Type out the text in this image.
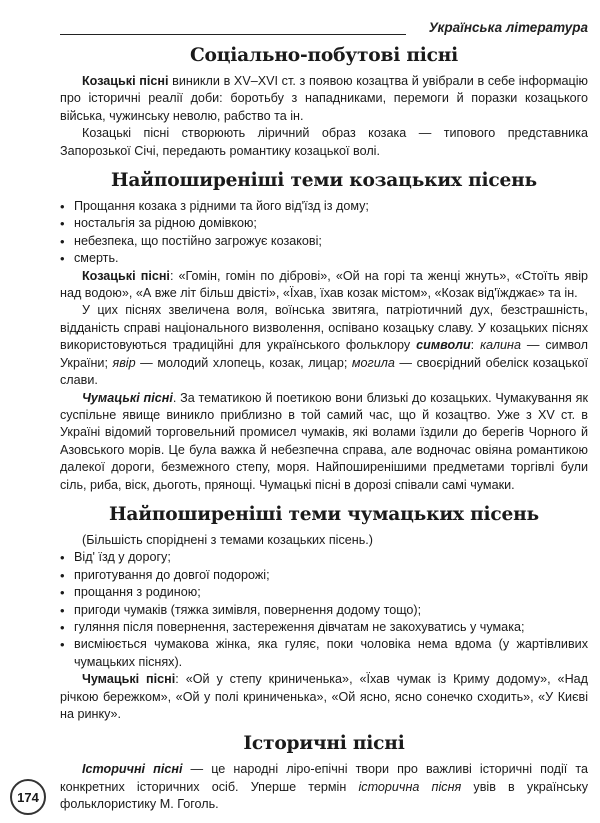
Українська література
Соціально-побутові пісні

Козацькі пісні виникли в XV–XVI ст. з появою козацтва й увібрали в себе інформацію про історичні реалії доби: боротьбу з нападниками, перемоги й поразки козацького війська, чужинську неволю, рабство та ін.

Козацькі пісні створюють ліричний образ козака — типового представника Запорозької Січі, передають романтику козацької волі.

Найпоширеніші теми козацьких пісень
• Прощання козака з рідними та його від'їзд із дому;
• ностальгія за рідною домівкою;
• небезпека, що постійно загрожує козакові;
• смерть.

Козацькі пісні: «Гомін, гомін по діброві», «Ой на горі та женці жнуть», «Стоїть явір над водою», «А вже літ більш двісті», «Їхав, їхав козак містом», «Козак від'їжджає» та ін.

У цих піснях звеличена воля, воїнська звитяга, патріотичний дух, безстрашність, відданість справі національного визволення, оспівано козацьку славу. У козацьких піснях використовуються традиційні для українського фольклору символи: калина — символ України; явір — молодий хлопець, козак, лицар; могила — своєрідний обеліск козацької слави.

Чумацькі пісні. За тематикою й поетикою вони близькі до козацьких. Чумакування як суспільне явище виникло приблизно в той самий час, що й козацтво. Уже з XV ст. в Україні відомий торговельний промисел чумаків, які волами їздили до берегів Чорного й Азовського морів. Це була важка й небезпечна справа, але водночас овіяна романтикою далекої дороги, безмежного степу, моря. Найпоширенішими предметами торгівлі були сіль, риба, віск, дьоготь, прянощі. Чумацькі пісні в дорозі співали самі чумаки.

Найпоширеніші теми чумацьких пісень

(Більшість споріднені з темами козацьких пісень.)

• Від' їзд у дорогу;
• приготування до довгої подорожі;
• прощання з родиною;
• пригоди чумаків (тяжка зимівля, повернення додому тощо);
• гуляння після повернення, застереження дівчатам не закохуватись у чумака;
• висміюється чумакова жінка, яка гуляє, поки чоловіка нема вдома (у жартівливих чумацьких піснях).

Чумацькі пісні: «Ой у степу криниченька», «Їхав чумак із Криму додому», «Над річкою бережком», «Ой у полі криниченька», «Ой ясно, ясно сонечко сходить», «У Києві на ринку».

Історичні пісні

Історичні пісні — це народні ліро-епічні твори про важливі історичні події та конкретних історичних осіб. Уперше термін історична пісня увів в українську фольклористику М. Гоголь.

174
